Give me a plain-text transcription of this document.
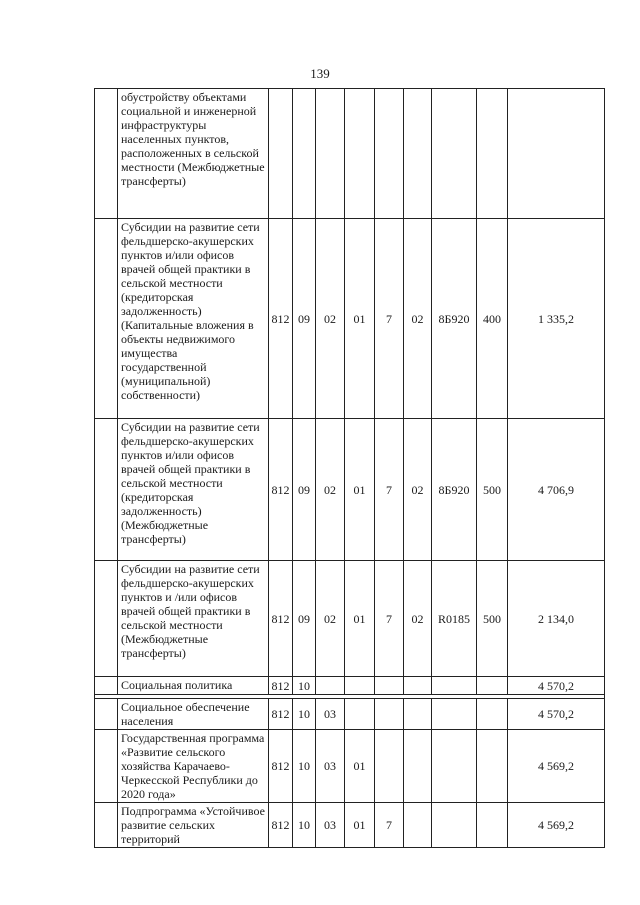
139
	обустройству объектами социальной и инженерной инфраструктуры населенных пунктов, расположенных в сельской местности (Межбюджетные трансферты)									
	Субсидии на развитие сети фельдшерско-акушерских пунктов и/или офисов врачей общей практики в сельской местности (кредиторская задолженность) (Капитальные вложения в объекты недвижимого имущества государственной (муниципальной) собственности)	812	09	02	01	7	02	8Б920	400	1 335,2
	Субсидии на развитие сети фельдшерско-акушерских пунктов и/или офисов врачей общей практики в сельской местности (кредиторская задолженность) (Межбюджетные трансферты)	812	09	02	01	7	02	8Б920	500	4 706,9
	Субсидии на развитие сети фельдшерско-акушерских пунктов и /или офисов врачей общей практики в сельской местности (Межбюджетные трансферты)	812	09	02	01	7	02	R0185	500	2 134,0
	Социальная политика	812	10							4 570,2

	Социальное обеспечение населения	812	10	03						4 570,2
	Государственная программа «Развитие сельского хозяйства Карачаево-Черкесской Республики до 2020 года»	812	10	03	01					4 569,2
	Подпрограмма «Устойчивое развитие сельских территорий	812	10	03	01	7				4 569,2
